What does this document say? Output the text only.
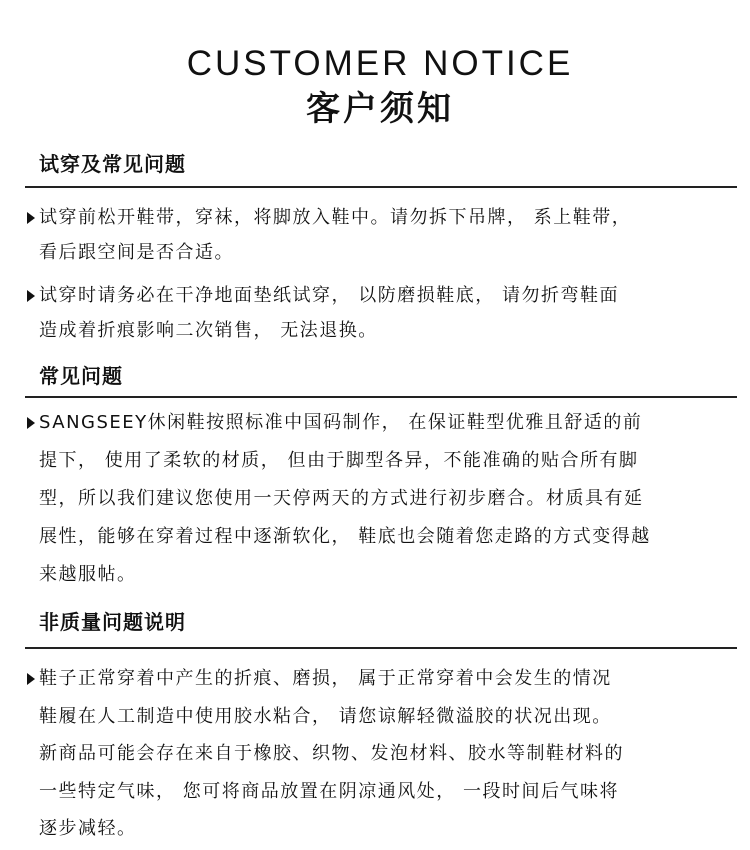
CUSTOMER NOTICE
客户须知
试穿及常见问题
试穿前松开鞋带，穿袜，将脚放入鞋中。请勿拆下吊牌， 系上鞋带，
看后跟空间是否合适。
试穿时请务必在干净地面垫纸试穿， 以防磨损鞋底， 请勿折弯鞋面
造成着折痕影响二次销售， 无法退换。
常见问题
SANGSEEY休闲鞋按照标准中国码制作， 在保证鞋型优雅且舒适的前
提下， 使用了柔软的材质， 但由于脚型各异，不能准确的贴合所有脚
型，所以我们建议您使用一天停两天的方式进行初步磨合。材质具有延
展性，能够在穿着过程中逐渐软化， 鞋底也会随着您走路的方式变得越
来越服帖。
非质量问题说明
鞋子正常穿着中产生的折痕、磨损， 属于正常穿着中会发生的情况
鞋履在人工制造中使用胶水粘合， 请您谅解轻微溢胶的状况出现。
新商品可能会存在来自于橡胶、织物、发泡材料、胶水等制鞋材料的
一些特定气味， 您可将商品放置在阴凉通风处， 一段时间后气味将
逐步减轻。
